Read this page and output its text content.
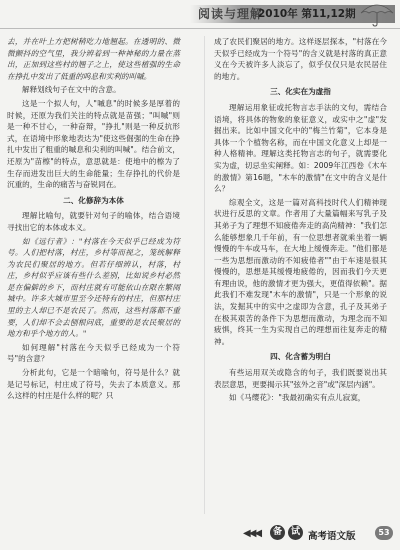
阅读与理解
2010年 第11,12期

去，并在叶上方把树稍吃力地翘起。在透明的、微微颤抖的空气里，我分辨着到一种神秘的力量在蒸出，正加到这些村的翘子之上，使这些植强的生命在挣扎中发出了低重的呜息和实利的叫嘁。

解释划线句子在文中的含意。

这是一个拟人句，人"嘁息"的时候多是厚着的时候，还原为我们关注的特点就是苗强；"叫嘁"则是一种不甘心，一种奋辩，"挣扎"则是一种反抗形式，在语境中形象地表达为"使这些倔强的生命在挣扎中发出了粗重的嘁息和尖利的叫喊"。结合前文，还原为"苗檫"的特点，意思就是：使地中的檫为了生存而进发出巨大的生命能量；生存挣扎的代价是沉重的，生命的痛苦与奋锐同在。

二、化修辞为本体

理解比喻句，就要针对句子的喻体，结合语境寻找出它的本体或本义。

如《远行者》："村落在今天似乎已经成为符号。人们把村落，村庄，乡村等而视之，笼统解释为农民们聚居的地方。但若仔细辨认，村落，村庄，乡村似乎应该有些什么差别，比如说乡村必然是在偏僻的乡下，而村庄就有可能依山在限在繁闹城中。许多大城市里至今还特有的村庄，但那村庄里的主人却已不是农民了。然而，这些村落都不重要，人们却不会去刨根问底，重要的是农民聚居的地方和乎个地方的人。"

如何理解"村落在今天似乎已经成为一个符号"的含意？

分析此句，它是一个暗喻句，符号是什么？就是记号标记，村庄成了符号，失去了本质意义。那么这样的村庄是什么样的呢？只

成了农民们聚居的地方。这样逐层探本，"村落在今天似乎已经成为一个符号"的含义就是村落的真正意义在今天被许多人淡忘了，似乎仅仅只是农民居住的地方。

三、化实在为虚指

理解运用象征或托物言志手法的文句，需结合语境，将具体的物象的象征意义，或实中之"虚"发掘出来。比如中国文化中的"梅兰竹菊"，它本身是具体一个个植物名称，而在中国文化意义上却是一种人格精神。理解这类托物言志的句子，就需要化实为虚，切忌坐实阐释。如：2009年江西卷《木车的激情》第16题，"木车的激情"在文中的含义是什么？

综观全文，这是一篇对高科技时代人们精神现状进行反思的文章。作者用了大量篇幅来写乳子及其弟子为了理想不知疲倦奔走的高尚精神："我们怎么能够想象几千年前，有一位思想者就乘坐着一辆慢慢的牛车或马车，在大地上缓慢奔走。"他们都是一些为思想而激动的不知疲倦者""由于车速是很其慢慢的，思想是其缓慢地疲倦的，因而我们今天更有理由说，他的激情才更为强大，更值得依赖"。据此我们不难发现"木车的激情"，只是一个形象的说法，发掘其中的实中之虚即为含意，孔子及其弟子在极其艰苦的条件下为思想而激动，为理念而不知疲惧，终其一生为实现自己的理想而往复奔走的精神。

四、化含蓄为明白

有些运用双关或隐含的句子，我们既要说出其表层意思，更要揭示其"弦外之音"或"深层内涵"。

如《马缨花》："我最初确实有点儿寂寞，

◀◀◀	备 试 高考语文版	53
